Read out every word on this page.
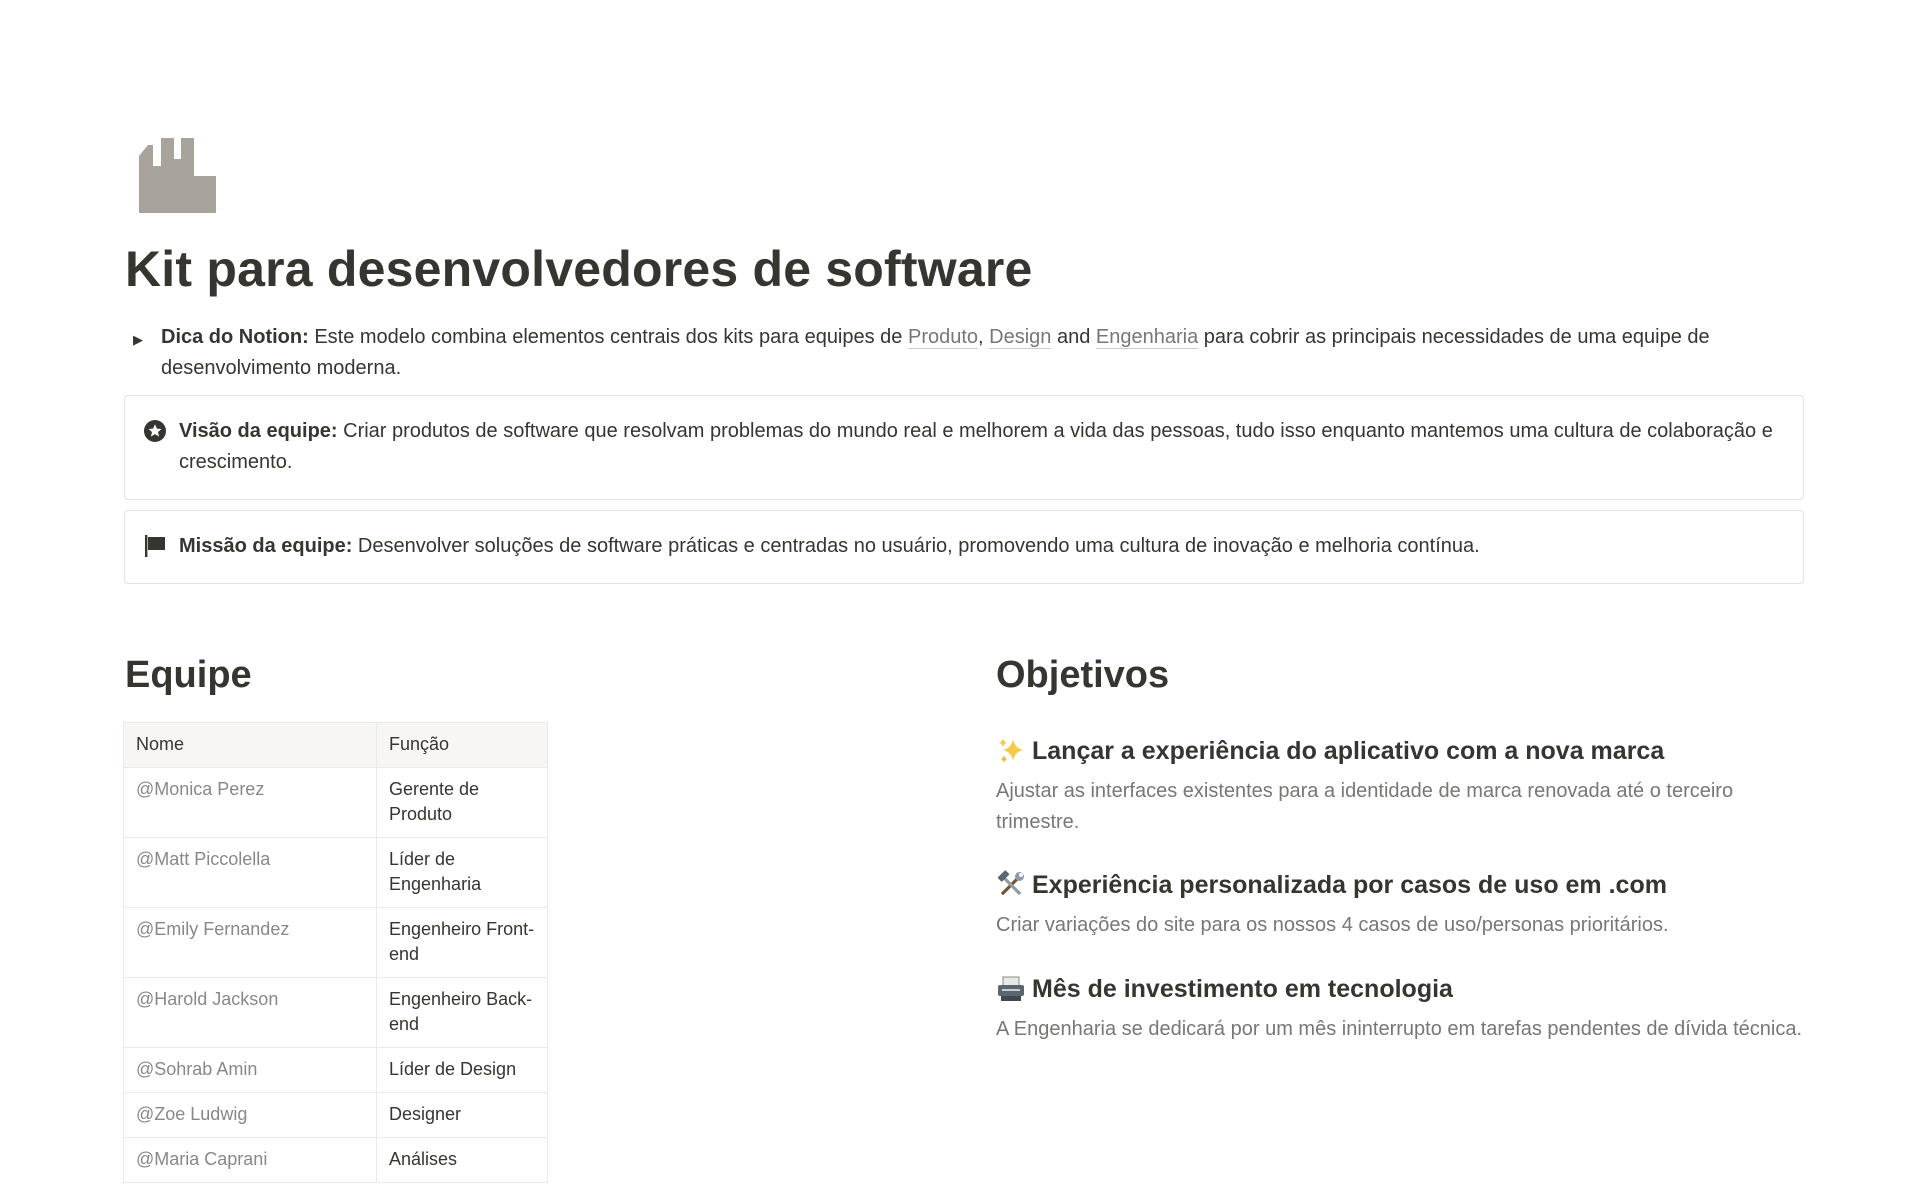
Kit para desenvolvedores de software
▶ Dica do Notion: Este modelo combina elementos centrais dos kits para equipes de Produto, Design and Engenharia para cobrir as principais necessidades de uma equipe de desenvolvimento moderna.
Visão da equipe: Criar produtos de software que resolvam problemas do mundo real e melhorem a vida das pessoas, tudo isso enquanto mantemos uma cultura de colaboração e crescimento.
Missão da equipe: Desenvolver soluções de software práticas e centradas no usuário, promovendo uma cultura de inovação e melhoria contínua.
Equipe
Nome	Função
@Monica Perez	Gerente de Produto
@Matt Piccolella	Líder de Engenharia
@Emily Fernandez	Engenheiro Front-end
@Harold Jackson	Engenheiro Back-end
@Sohrab Amin	Líder de Design
@Zoe Ludwig	Designer
@Maria Caprani	Análises
Objetivos
Lançar a experiência do aplicativo com a nova marca

Ajustar as interfaces existentes para a identidade de marca renovada até o terceiro trimestre.

Experiência personalizada por casos de uso em .com

Criar variações do site para os nossos 4 casos de uso/personas prioritários.

Mês de investimento em tecnologia

A Engenharia se dedicará por um mês ininterrupto em tarefas pendentes de dívida técnica.
